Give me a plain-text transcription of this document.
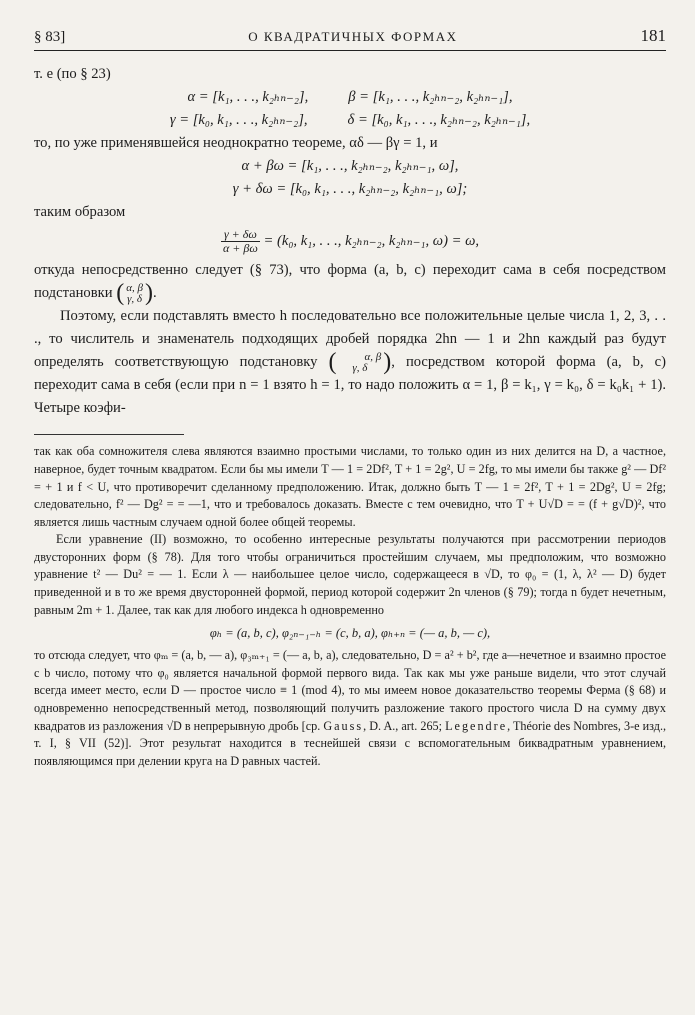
§ 83]	О КВАДРАТИЧНЫХ ФОРМАХ	181

т. е (по § 23)

α = [k₁, . . ., k₂ₕₙ₋₂],	β = [k₁, . . ., k₂ₕₙ₋₂, k₂ₕₙ₋₁],

γ = [k₀, k₁, . . ., k₂ₕₙ₋₂],	δ = [k₀, k₁, . . ., k₂ₕₙ₋₂, k₂ₕₙ₋₁],

то, по уже применявшейся неоднократно теореме, αδ — βγ = 1, и

α + βω = [k₁, . . ., k₂ₕₙ₋₂, k₂ₕₙ₋₁, ω],

γ + δω = [k₀, k₁, . . ., k₂ₕₙ₋₂, k₂ₕₙ₋₁, ω];

таким образом

$\frac{\gamma + \delta\omega}{\alpha + \beta\omega} = (k_0$, k₁, . . ., k₂ₕₙ₋₂, k₂ₕₙ₋₁, ω) = ω,

откуда непосредственно следует (§ 73), что форма (a, b, c) переходит сама в себя посредством подстановки ( α, β
γ, δ ).

Поэтому, если подставлять вместо h последовательно все положительные целые числа 1, 2, 3, . . ., то числитель и знаменатель подходящих дробей порядка 2hn — 1 и 2hn каждый раз будут определять соответствующую подстановку (	α, β
γ, δ ), посредством которой форма (a, b, c) переходит сама в себя (если при n = 1 взято h = 1, то надо положить α = 1, β = k₁, γ = k₀, δ = k₀k₁ + 1). Четыре коэфи-

так как оба сомножителя слева являются взаимно простыми числами, то только один из них делится на D, а частное, наверное, будет точным квадратом. Если бы мы имели T — 1 = 2Df², T + 1 = 2g², U = 2fg, то мы имели бы также g² — Df² = + 1 и f < U, что противоречит сделанному предположению. Итак, должно быть T — 1 = 2f², T + 1 = 2Dg², U = 2fg; следовательно, f² — Dg² = = —1, что и требовалось доказать. Вместе с тем очевидно, что T + U√D = = (f + g√D)², что является лишь частным случаем одной более общей теоремы.

Если уравнение (II) возможно, то особенно интересные результаты получаются при рассмотрении периодов двусторонних форм (§ 78). Для того чтобы ограничиться простейшим случаем, мы предположим, что возможно уравнение t² — Du² = — 1. Если λ — наибольшее целое число, содержащееся в √D, то φ₀ = (1, λ, λ² — D) будет приведенной и в то же время двусторонней формой, период которой содержит 2n членов (§ 79); тогда n будет нечетным, равным 2m + 1. Далее, так как для любого индекса h одновременно

φₕ = (a, b, c), φ₂ₙ₋₁₋ₕ = (c, b, a), φₕ₊ₙ = (— a, b, — c),

то отсюда следует, что φₘ = (a, b, — a), φ₃ₘ₊₁ = (— a, b, a), следовательно, D = a² + b², где a—нечетное и взаимно простое с b число, потому что φ₀ является начальной формой первого вида. Так как мы уже раньше видели, что этот случай всегда имеет место, если D — простое число ≡ 1 (mod 4), то мы имеем новое доказательство теоремы Ферма (§ 68) и одновременно непосредственный метод, позволяющий получить разложение такого простого числа D на сумму двух квадратов из разложения √D в непрерывную дробь [ср. Gauss, D. A., art. 265; Legendre, Théorie des Nombres, 3-е изд., т. I, § VII (52)]. Этот результат находится в теснейшей связи с вспомогательным биквадратным уравнением, появляющимся при делении круга на D равных частей.
